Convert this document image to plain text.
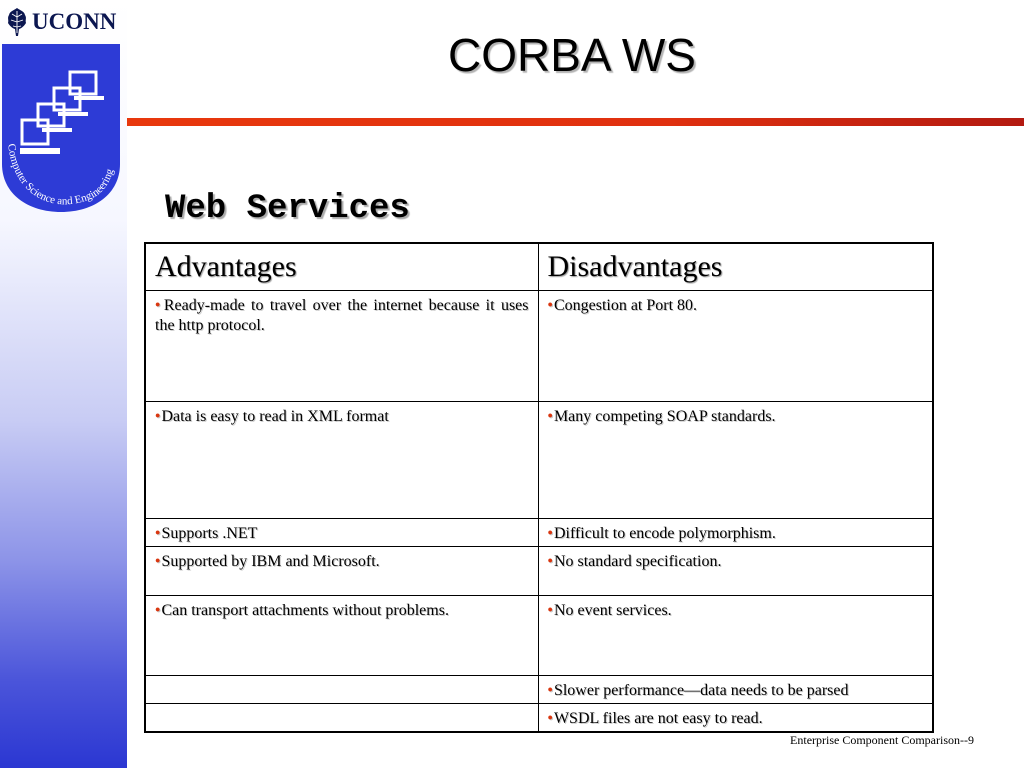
UCONN
Computer Science and Engineering
CORBA WS
Web Services
Advantages	Disadvantages
●Ready-made to travel over the internet because it uses the http protocol.	●Congestion at Port 80.
●Data is easy to read in XML format	●Many competing SOAP standards.
●Supports .NET	●Difficult to encode polymorphism.
●Supported by IBM and Microsoft.	●No standard specification.
●Can transport attachments without problems.	●No event services.
	●Slower performance—data needs to be parsed
	●WSDL files are not easy to read.
Enterprise Component Comparison--9
